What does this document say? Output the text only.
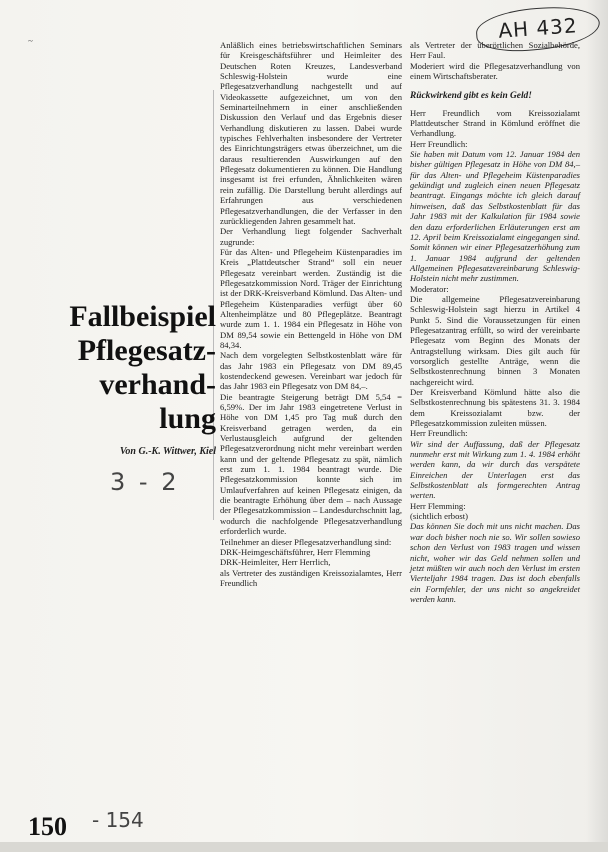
~	AH 432
Fallbeispiel
Pflegesatz-
verhand-
lung
Von G.-K. Wittwer, Kiel
3 - 2

Anläßlich eines betriebswirtschaftlichen Seminars für Kreisgeschäftsführer und Heimleiter des Deutschen Roten Kreuzes, Landesverband Schleswig-Holstein wurde eine Pflegesatzverhandlung nachgestellt und auf Videokassette aufgezeichnet, um von den Seminarteilnehmern in einer anschließenden Diskussion den Verlauf und das Ergebnis dieser Verhandlung diskutieren zu lassen. Dabei wurde typisches Fehlverhalten insbesondere der Vertreter des Einrichtungsträgers etwas überzeichnet, um die daraus resultierenden Auswirkungen auf den Pflegesatz dokumentieren zu können. Die Handlung insgesamt ist frei erfunden, Ähnlichkeiten wären rein zufällig. Die Darstellung beruht allerdings auf Erfahrungen aus verschiedenen Pflegesatzverhandlungen, die der Verfasser in den zurückliegenden Jahren gesammelt hat.

Der Verhandlung liegt folgender Sachverhalt zugrunde:

Für das Alten- und Pflegeheim Küstenparadies im Kreis „Plattdeutscher Strand“ soll ein neuer Pflegesatz vereinbart werden. Zuständig ist die Pflegesatzkommission Nord. Träger der Einrichtung ist der DRK-Kreisverband Kömlund. Das Alten- und Pflegeheim Küstenparadies verfügt über 60 Altenheimplätze und 80 Pflegeplätze. Beantragt wurde zum 1. 1. 1984 ein Pflegesatz in Höhe von DM 89,54 sowie ein Bettengeld in Höhe von DM 84,34.

Nach dem vorgelegten Selbstkostenblatt wäre für das Jahr 1983 ein Pflegesatz von DM 89,45 kostendeckend gewesen. Vereinbart war jedoch für das Jahr 1983 ein Pflegesatz von DM 84,–.

Die beantragte Steigerung beträgt DM 5,54 = 6,59%. Der im Jahr 1983 eingetretene Verlust in Höhe von DM 1,45 pro Tag muß durch den Kreisverband getragen werden, da ein Verlustausgleich aufgrund der geltenden Pflegesatzverordnung nicht mehr vereinbart werden kann und der geltende Pflegesatz zu spät, nämlich erst zum 1. 1. 1984 beantragt wurde. Die Pflegesatzkommission konnte sich im Umlaufverfahren auf keinen Pflegesatz einigen, da die beantragte Erhöhung über dem – nach Aussage der Pflegesatzkommission – Landesdurchschnitt lag, wodurch die nachfolgende Pflegesatzverhandlung erforderlich wurde.

Teilnehmer an dieser Pflegesatzverhandlung sind:

DRK-Heimgeschäftsführer, Herr Flemming

DRK-Heimleiter, Herr Herrlich,

als Vertreter des zuständigen Kreissozialamtes, Herr Freundlich

als Vertreter der überörtlichen Sozialbehörde, Herr Faul.

Moderiert wird die Pflegesatzverhandlung von einem Wirtschaftsberater.

Rückwirkend gibt es kein Geld!

Herr Freundlich vom Kreissozialamt Plattdeutscher Strand in Kömlund eröffnet die Verhandlung.

Herr Freundlich:

Sie haben mit Datum vom 12. Januar 1984 den bisher gültigen Pflegesatz in Höhe von DM 84,– für das Alten- und Pflegeheim Küstenparadies gekündigt und zugleich einen neuen Pflegesatz beantragt. Eingangs möchte ich gleich darauf hinweisen, daß das Selbstkostenblatt für das Jahr 1983 mit der Kalkulation für 1984 sowie den dazu erforderlichen Erläuterungen erst am 12. April beim Kreissozialamt eingegangen sind. Somit können wir einer Pflegesatzerhöhung zum 1. Januar 1984 aufgrund der geltenden Allgemeinen Pflegesatzvereinbarung Schleswig-Holstein nicht mehr zustimmen.

Moderator:

Die allgemeine Pflegesatzvereinbarung Schleswig-Holstein sagt hierzu in Artikel 4 Punkt 5. Sind die Voraussetzungen für einen Pflegesatzantrag erfüllt, so wird der vereinbarte Pflegesatz vom Beginn des Monats der Antragstellung wirksam. Dies gilt auch für vorsorglich gestellte Anträge, wenn die Selbstkostenrechnung binnen 3 Monaten nachgereicht wird.

Der Kreisverband Kömlund hätte also die Selbstkostenrechnung bis spätestens 31. 3. 1984 dem Kreissozialamt bzw. der Pflegesatzkommission zuleiten müssen.

Herr Freundlich:

Wir sind der Auffassung, daß der Pflegesatz nunmehr erst mit Wirkung zum 1. 4. 1984 erhöht werden kann, da wir durch das verspätete Einreichen der Unterlagen erst das Selbstkostenblatt als formgerechten Antrag werten.

Herr Flemming:

(sichtlich erbost)

Das können Sie doch mit uns nicht machen. Das war doch bisher noch nie so. Wir sollen sowieso schon den Verlust von 1983 tragen und wissen nicht, woher wir das Geld nehmen sollen und jetzt müßten wir auch noch den Verlust im ersten Vierteljahr 1984 tragen. Das ist doch ebenfalls ein Formfehler, der uns nicht so angekreidet werden kann.

150 - 154
